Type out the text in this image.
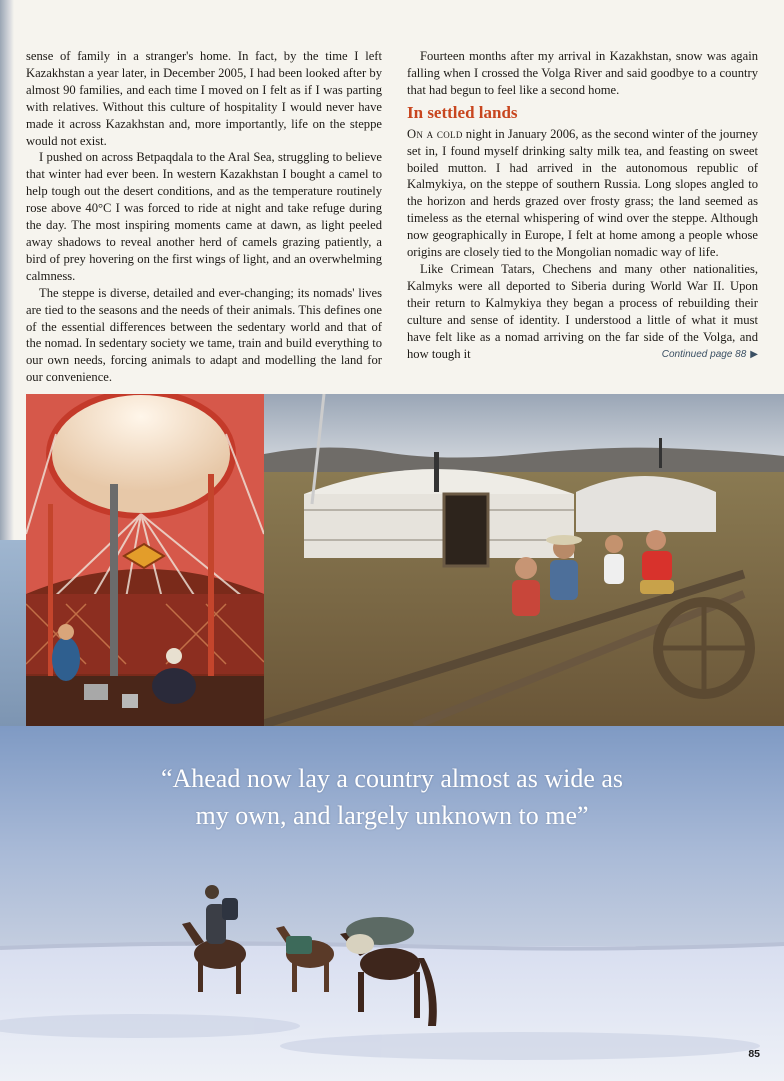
sense of family in a stranger's home. In fact, by the time I left Kazakhstan a year later, in December 2005, I had been looked after by almost 90 families, and each time I moved on I felt as if I was parting with relatives. Without this culture of hospitality I would never have made it across Kazakhstan and, more importantly, life on the steppe would not exist.

I pushed on across Betpaqdala to the Aral Sea, struggling to believe that winter had ever been. In western Kazakhstan I bought a camel to help tough out the desert conditions, and as the temperature routinely rose above 40°C I was forced to ride at night and take refuge during the day. The most inspiring moments came at dawn, as light peeled away shadows to reveal another herd of camels grazing patiently, a bird of prey hovering on the first wings of light, and an overwhelming calmness.

The steppe is diverse, detailed and ever-changing; its nomads' lives are tied to the seasons and the needs of their animals. This defines one of the essential differences between the sedentary world and that of the nomad. In sedentary society we tame, train and build everything to our own needs, forcing animals to adapt and modelling the land for our convenience.

Fourteen months after my arrival in Kazakhstan, snow was again falling when I crossed the Volga River and said goodbye to a country that had begun to feel like a second home.

In settled lands

On a cold night in January 2006, as the second winter of the journey set in, I found myself drinking salty milk tea, and feasting on sweet boiled mutton. I had arrived in the autonomous republic of Kalmykiya, on the steppe of southern Russia. Long slopes angled to the horizon and herds grazed over frosty grass; the land seemed as timeless as the eternal whispering of wind over the steppe. Although now geographically in Europe, I felt at home among a people whose origins are closely tied to the Mongolian nomadic way of life.

Like Crimean Tatars, Chechens and many other nationalities, Kalmyks were all deported to Siberia during World War II. Upon their return to Kalmykiya they began a process of rebuilding their culture and sense of identity. I understood a little of what it must have felt like as a nomad arriving on the far side of the Volga, and how tough it	Continued page 88 ▶

“Ahead now lay a country almost as wide as
my own, and largely unknown to me”
85
